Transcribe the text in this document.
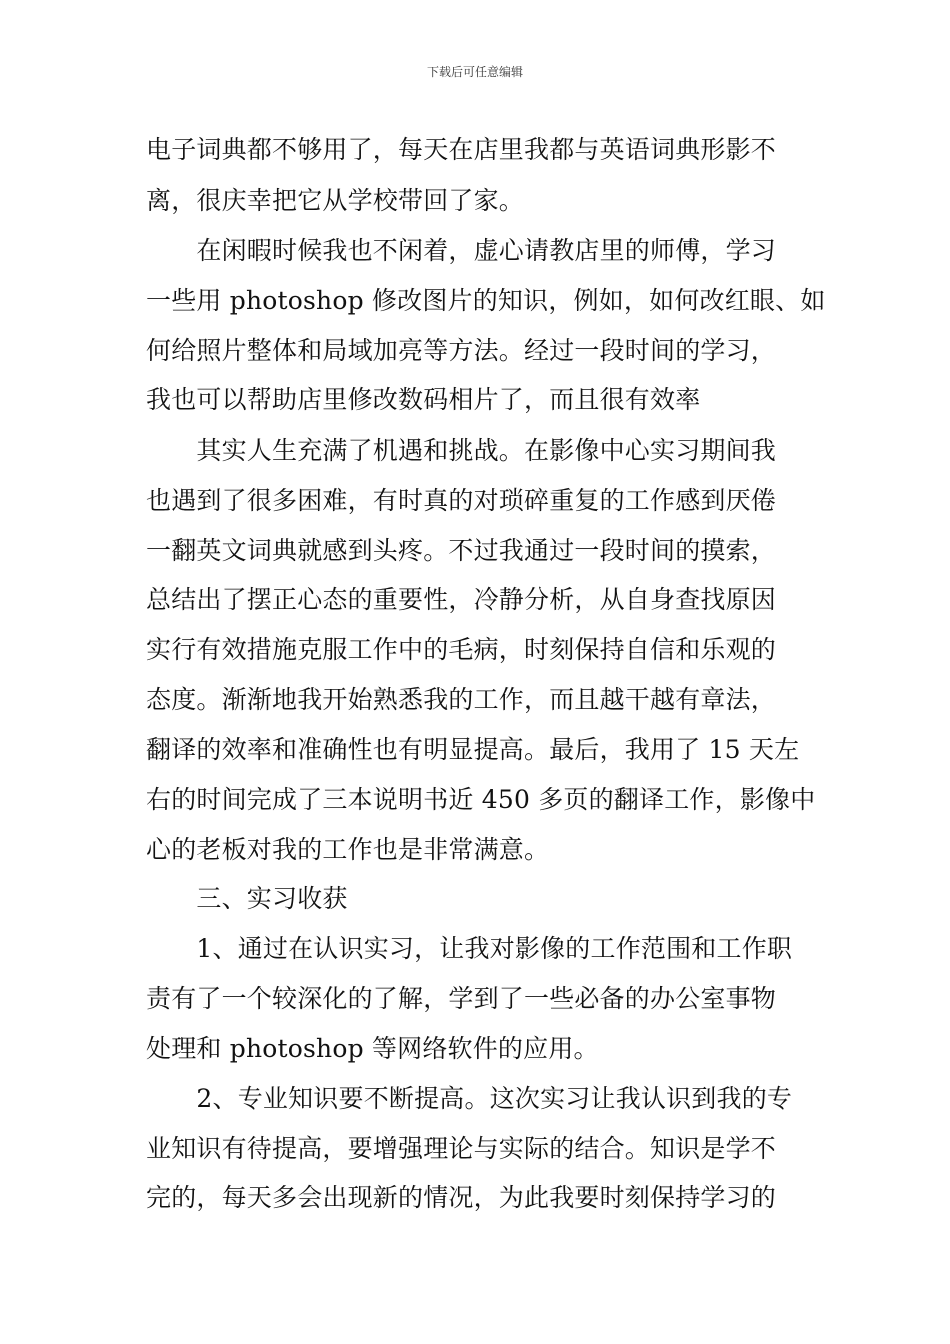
下载后可任意编辑
电子词典都不够用了，每天在店里我都与英语词典形影不
离，很庆幸把它从学校带回了家。
　　在闲暇时候我也不闲着，虚心请教店里的师傅，学习
一些用 photoshop 修改图片的知识，例如，如何改红眼、如
何给照片整体和局域加亮等方法。经过一段时间的学习，
我也可以帮助店里修改数码相片了，而且很有效率
　　其实人生充满了机遇和挑战。在影像中心实习期间我
也遇到了很多困难，有时真的对琐碎重复的工作感到厌倦
一翻英文词典就感到头疼。不过我通过一段时间的摸索，
总结出了摆正心态的重要性，冷静分析，从自身查找原因
实行有效措施克服工作中的毛病，时刻保持自信和乐观的
态度。渐渐地我开始熟悉我的工作，而且越干越有章法，
翻译的效率和准确性也有明显提高。最后，我用了 15 天左
右的时间完成了三本说明书近 450 多页的翻译工作，影像中
心的老板对我的工作也是非常满意。
　　三、实习收获
　　1、通过在认识实习，让我对影像的工作范围和工作职
责有了一个较深化的了解，学到了一些必备的办公室事物
处理和 photoshop 等网络软件的应用。
　　2、专业知识要不断提高。这次实习让我认识到我的专
业知识有待提高，要增强理论与实际的结合。知识是学不
完的，每天多会出现新的情况，为此我要时刻保持学习的
